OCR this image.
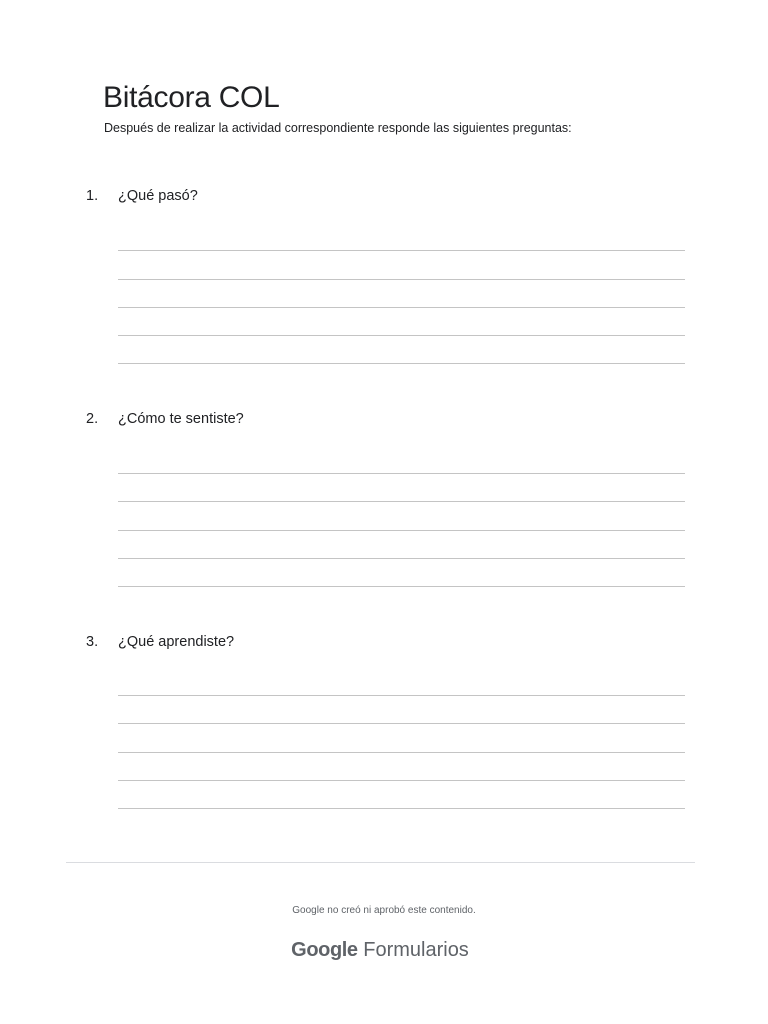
Bitácora COL
Después de realizar la actividad correspondiente responde las siguientes preguntas:
1. ¿Qué pasó?
2. ¿Cómo te sentiste?
3. ¿Qué aprendiste?
Google no creó ni aprobó este contenido.
Google Formularios
